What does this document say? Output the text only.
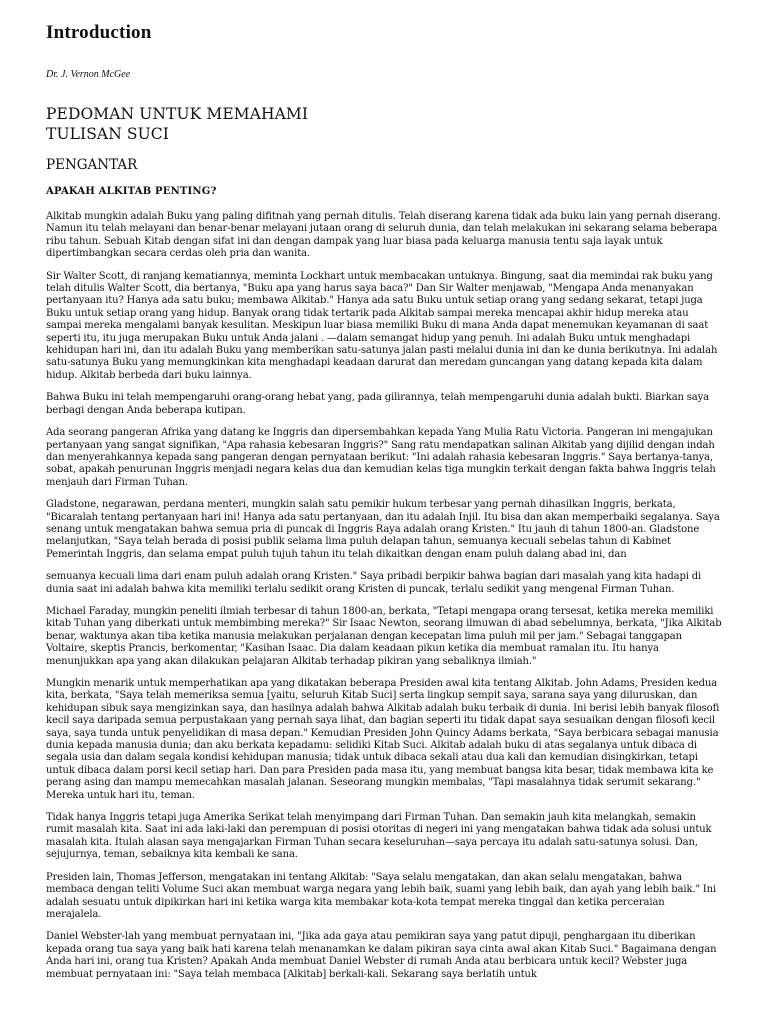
Introduction

Dr. J. Vernon McGee

PEDOMAN UNTUK MEMAHAMI
TULISAN SUCI
PENGANTAR
APAKAH ALKITAB PENTING?

Alkitab mungkin adalah Buku yang paling difitnah yang pernah ditulis. Telah diserang karena tidak ada buku lain yang pernah diserang. Namun itu telah melayani dan benar-benar melayani jutaan orang di seluruh dunia, dan telah melakukan ini sekarang selama beberapa ribu tahun. Sebuah Kitab dengan sifat ini dan dengan dampak yang luar biasa pada keluarga manusia tentu saja layak untuk dipertimbangkan secara cerdas oleh pria dan wanita.

Sir Walter Scott, di ranjang kematiannya, meminta Lockhart untuk membacakan untuknya. Bingung, saat dia memindai rak buku yang telah ditulis Walter Scott, dia bertanya, "Buku apa yang harus saya baca?" Dan Sir Walter menjawab, "Mengapa Anda menanyakan pertanyaan itu? Hanya ada satu buku; membawa Alkitab." Hanya ada satu Buku untuk setiap orang yang sedang sekarat, tetapi juga Buku untuk setiap orang yang hidup. Banyak orang tidak tertarik pada Alkitab sampai mereka mencapai akhir hidup mereka atau sampai mereka mengalami banyak kesulitan. Meskipun luar biasa memiliki Buku di mana Anda dapat menemukan keyamanan di saat seperti itu, itu juga merupakan Buku untuk Anda jalani . —dalam semangat hidup yang penuh. Ini adalah Buku untuk menghadapi kehidupan hari ini, dan itu adalah Buku yang memberikan satu-satunya jalan pasti melalui dunia ini dan ke dunia berikutnya. Ini adalah satu-satunya Buku yang memungkinkan kita menghadapi keadaan darurat dan meredam guncangan yang datang kepada kita dalam hidup. Alkitab berbeda dari buku lainnya.

Bahwa Buku ini telah mempengaruhi orang-orang hebat yang, pada gilirannya, telah mempengaruhi dunia adalah bukti. Biarkan saya berbagi dengan Anda beberapa kutipan.

Ada seorang pangeran Afrika yang datang ke Inggris dan dipersembahkan kepada Yang Mulia Ratu Victoria. Pangeran ini mengajukan pertanyaan yang sangat signifikan, "Apa rahasia kebesaran Inggris?" Sang ratu mendapatkan salinan Alkitab yang dijilid dengan indah dan menyerahkannya kepada sang pangeran dengan pernyataan berikut: "Ini adalah rahasia kebesaran Inggris." Saya bertanya-tanya, sobat, apakah penurunan Inggris menjadi negara kelas dua dan kemudian kelas tiga mungkin terkait dengan fakta bahwa Inggris telah menjauh dari Firman Tuhan.

Gladstone, negarawan, perdana menteri, mungkin salah satu pemikir hukum terbesar yang pernah dihasilkan Inggris, berkata, "Bicaralah tentang pertanyaan hari ini! Hanya ada satu pertanyaan, dan itu adalah Injil. Itu bisa dan akan memperbaiki segalanya. Saya senang untuk mengatakan bahwa semua pria di puncak di Inggris Raya adalah orang Kristen." Itu jauh di tahun 1800-an. Gladstone melanjutkan, "Saya telah berada di posisi publik selama lima puluh delapan tahun, semuanya kecuali sebelas tahun di Kabinet Pemerintah Inggris, dan selama empat puluh tujuh tahun itu telah dikaitkan dengan enam puluh dalang abad ini, dan

semuanya kecuali lima dari enam puluh adalah orang Kristen." Saya pribadi berpikir bahwa bagian dari masalah yang kita hadapi di dunia saat ini adalah bahwa kita memiliki terlalu sedikit orang Kristen di puncak, terlalu sedikit yang mengenal Firman Tuhan.

Michael Faraday, mungkin peneliti ilmiah terbesar di tahun 1800-an, berkata, "Tetapi mengapa orang tersesat, ketika mereka memiliki kitab Tuhan yang diberkati untuk membimbing mereka?" Sir Isaac Newton, seorang ilmuwan di abad sebelumnya, berkata, "Jika Alkitab benar, waktunya akan tiba ketika manusia melakukan perjalanan dengan kecepatan lima puluh mil per jam." Sebagai tanggapan Voltaire, skeptis Prancis, berkomentar, "Kasihan Isaac. Dia dalam keadaan pikun ketika dia membuat ramalan itu. Itu hanya menunjukkan apa yang akan dilakukan pelajaran Alkitab terhadap pikiran yang sebaliknya ilmiah."

Mungkin menarik untuk memperhatikan apa yang dikatakan beberapa Presiden awal kita tentang Alkitab. John Adams, Presiden kedua kita, berkata, "Saya telah memeriksa semua [yaitu, seluruh Kitab Suci] serta lingkup sempit saya, sarana saya yang diluruskan, dan kehidupan sibuk saya mengizinkan saya, dan hasilnya adalah bahwa Alkitab adalah buku terbaik di dunia. Ini berisi lebih banyak filosofi kecil saya daripada semua perpustakaan yang pernah saya lihat, dan bagian seperti itu tidak dapat saya sesuaikan dengan filosofi kecil saya, saya tunda untuk penyelidikan di masa depan." Kemudian Presiden John Quincy Adams berkata, "Saya berbicara sebagai manusia dunia kepada manusia dunia; dan aku berkata kepadamu: selidiki Kitab Suci. Alkitab adalah buku di atas segalanya untuk dibaca di segala usia dan dalam segala kondisi kehidupan manusia; tidak untuk dibaca sekali atau dua kali dan kemudian disingkirkan, tetapi untuk dibaca dalam porsi kecil setiap hari. Dan para Presiden pada masa itu, yang membuat bangsa kita besar, tidak membawa kita ke perang asing dan mampu memecahkan masalah jalanan. Seseorang mungkin membalas, "Tapi masalahnya tidak serumit sekarang." Mereka untuk hari itu, teman.

Tidak hanya Inggris tetapi juga Amerika Serikat telah menyimpang dari Firman Tuhan. Dan semakin jauh kita melangkah, semakin rumit masalah kita. Saat ini ada laki-laki dan perempuan di posisi otoritas di negeri ini yang mengatakan bahwa tidak ada solusi untuk masalah kita. Itulah alasan saya mengajarkan Firman Tuhan secara keseluruhan—saya percaya itu adalah satu-satunya solusi. Dan, sejujurnya, teman, sebaiknya kita kembali ke sana.

Presiden lain, Thomas Jefferson, mengatakan ini tentang Alkitab: "Saya selalu mengatakan, dan akan selalu mengatakan, bahwa membaca dengan teliti Volume Suci akan membuat warga negara yang lebih baik, suami yang lebih baik, dan ayah yang lebih baik." Ini adalah sesuatu untuk dipikirkan hari ini ketika warga kita membakar kota-kota tempat mereka tinggal dan ketika perceraian merajalela.

Daniel Webster-lah yang membuat pernyataan ini, "Jika ada gaya atau pemikiran saya yang patut dipuji, penghargaan itu diberikan kepada orang tua saya yang baik hati karena telah menanamkan ke dalam pikiran saya cinta awal akan Kitab Suci." Bagaimana dengan Anda hari ini, orang tua Kristen? Apakah Anda membuat Daniel Webster di rumah Anda atau berbicara untuk kecil? Webster juga membuat pernyataan ini: "Saya telah membaca [Alkitab] berkali-kali. Sekarang saya berlatih untuk
